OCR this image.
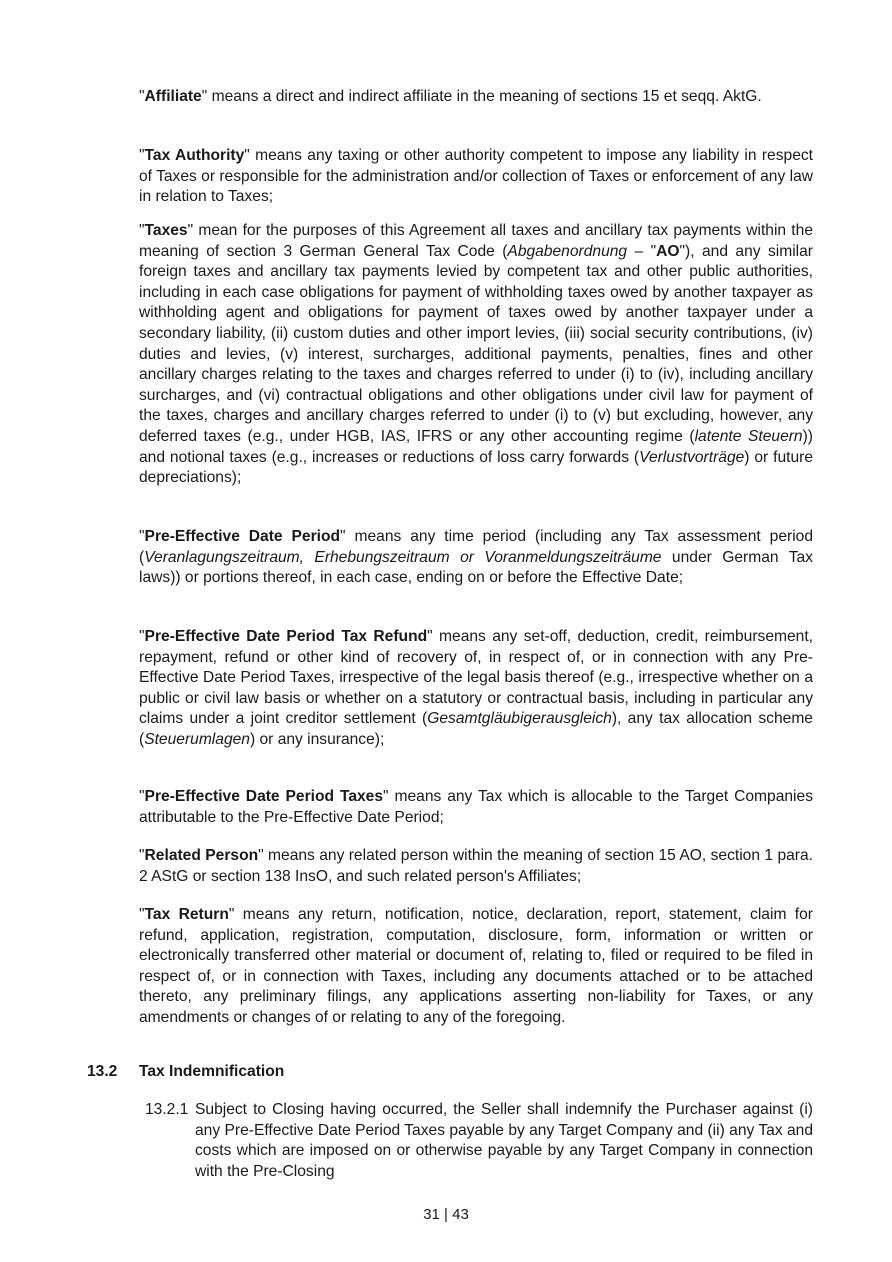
"Affiliate" means a direct and indirect affiliate in the meaning of sections 15 et seqq. AktG.

"Tax Authority" means any taxing or other authority competent to impose any liability in respect of Taxes or responsible for the administration and/or collection of Taxes or enforcement of any law in relation to Taxes;

"Taxes" mean for the purposes of this Agreement all taxes and ancillary tax payments within the meaning of section 3 German General Tax Code (Abgabenordnung – "AO"), and any similar foreign taxes and ancillary tax payments levied by competent tax and other public authorities, including in each case obligations for payment of withholding taxes owed by another taxpayer as withholding agent and obligations for payment of taxes owed by another taxpayer under a secondary liability, (ii) custom duties and other import levies, (iii) social security contributions, (iv) duties and levies, (v) interest, surcharges, additional payments, penalties, fines and other ancillary charges relating to the taxes and charges referred to under (i) to (iv), including ancillary surcharges, and (vi) contractual obligations and other obligations under civil law for payment of the taxes, charges and ancillary charges referred to under (i) to (v) but excluding, however, any deferred taxes (e.g., under HGB, IAS, IFRS or any other accounting regime (latente Steuern)) and notional taxes (e.g., increases or reductions of loss carry forwards (Verlustvorträge) or future depreciations);

"Pre-Effective Date Period" means any time period (including any Tax assessment period (Veranlagungszeitraum, Erhebungszeitraum or Voranmeldungszeiträume under German Tax laws)) or portions thereof, in each case, ending on or before the Effective Date;

"Pre-Effective Date Period Tax Refund" means any set-off, deduction, credit, reimbursement, repayment, refund or other kind of recovery of, in respect of, or in connection with any Pre-Effective Date Period Taxes, irrespective of the legal basis thereof (e.g., irrespective whether on a public or civil law basis or whether on a statutory or contractual basis, including in particular any claims under a joint creditor settlement (Gesamtgläubigerausgleich), any tax allocation scheme (Steuerumlagen) or any insurance);

"Pre-Effective Date Period Taxes" means any Tax which is allocable to the Target Companies attributable to the Pre-Effective Date Period;

"Related Person" means any related person within the meaning of section 15 AO, section 1 para. 2 AStG or section 138 InsO, and such related person's Affiliates;

"Tax Return" means any return, notification, notice, declaration, report, statement, claim for refund, application, registration, computation, disclosure, form, information or written or electronically transferred other material or document of, relating to, filed or required to be filed in respect of, or in connection with Taxes, including any documents attached or to be attached thereto, any preliminary filings, any applications asserting non-liability for Taxes, or any amendments or changes of or relating to any of the foregoing.

13.2 Tax Indemnification

13.2.1 Subject to Closing having occurred, the Seller shall indemnify the Purchaser against (i) any Pre-Effective Date Period Taxes payable by any Target Company and (ii) any Tax and costs which are imposed on or otherwise payable by any Target Company in connection with the Pre-Closing
31 | 43
